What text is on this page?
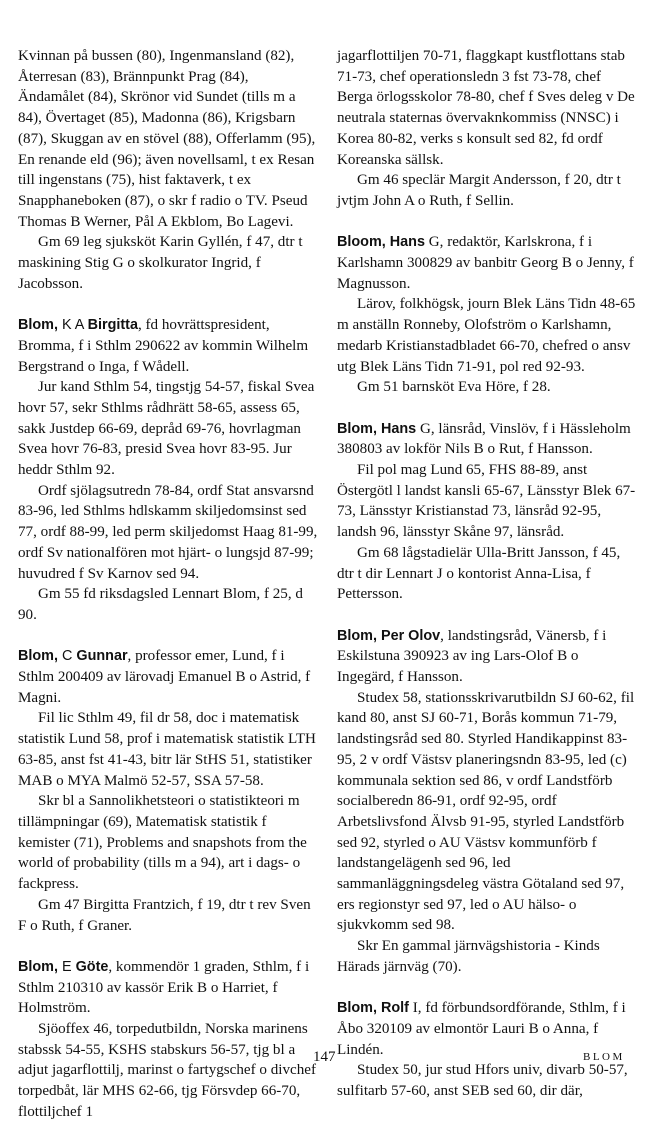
Kvinnan på bussen (80), Ingenmansland (82), Återresan (83), Brännpunkt Prag (84), Ändamålet (84), Skrönor vid Sundet (tills m a 84), Övertaget (85), Madonna (86), Krigsbarn (87), Skuggan av en stövel (88), Offerlamm (95), En renande eld (96); även novellsaml, t ex Resan till ingenstans (75), hist faktaverk, t ex Snapphaneboken (87), o skr f radio o TV. Pseud Thomas B Werner, Pål A Ekblom, Bo Lagevi.

Gm 69 leg sjuksköt Karin Gyllén, f 47, dtr t maskining Stig G o skolkurator Ingrid, f Jacobsson.

Blom, K A Birgitta, fd hovrättspresident, Bromma, f i Sthlm 290622 av kommin Wilhelm Bergstrand o Inga, f Wådell.

Jur kand Sthlm 54, tingstjg 54-57, fiskal Svea hovr 57, sekr Sthlms rådhrätt 58-65, assess 65, sakk Justdep 66-69, depråd 69-76, hovrlagman Svea hovr 76-83, presid Svea hovr 83-95. Jur heddr Sthlm 92.

Ordf sjölagsutredn 78-84, ordf Stat ansvarsnd 83-96, led Sthlms hdlskamm skiljedomsinst sed 77, ordf 88-99, led perm skiljedomst Haag 81-99, ordf Sv nationalfören mot hjärt- o lungsjd 87-99; huvudred f Sv Karnov sed 94.

Gm 55 fd riksdagsled Lennart Blom, f 25, d 90.

Blom, C Gunnar, professor emer, Lund, f i Sthlm 200409 av lärovadj Emanuel B o Astrid, f Magni.

Fil lic Sthlm 49, fil dr 58, doc i matematisk statistik Lund 58, prof i matematisk statistik LTH 63-85, anst fst 41-43, bitr lär StHS 51, statistiker MAB o MYA Malmö 52-57, SSA 57-58.

Skr bl a Sannolikhetsteori o statistikteori m tillämpningar (69), Matematisk statistik f kemister (71), Problems and snapshots from the world of probability (tills m a 94), art i dags- o fackpress.

Gm 47 Birgitta Frantzich, f 19, dtr t rev Sven F o Ruth, f Graner.

Blom, E Göte, kommendör 1 graden, Sthlm, f i Sthlm 210310 av kassör Erik B o Harriet, f Holmström.

Sjöoffex 46, torpedutbildn, Norska marinens stabssk 54-55, KSHS stabskurs 56-57, tjg bl a adjut jagarflottilj, marinst o fartygschef o divchef torpedbåt, lär MHS 62-66, tjg Försvdep 66-70, flottiljchef 1

jagarflottiljen 70-71, flaggkapt kustflottans stab 71-73, chef operationsledn 3 fst 73-78, chef Berga örlogsskolor 78-80, chef f Sves deleg v De neutrala staternas övervaknkommiss (NNSC) i Korea 80-82, verks s konsult sed 82, fd ordf Koreanska sällsk.

Gm 46 speclär Margit Andersson, f 20, dtr t jvtjm John A o Ruth, f Sellin.

Bloom, Hans G, redaktör, Karlskrona, f i Karlshamn 300829 av banbitr Georg B o Jenny, f Magnusson.

Lärov, folkhögsk, journ Blek Läns Tidn 48-65 m anställn Ronneby, Olofström o Karlshamn, medarb Kristianstadbladet 66-70, chefred o ansv utg Blek Läns Tidn 71-91, pol red 92-93.

Gm 51 barnsköt Eva Höre, f 28.

Blom, Hans G, länsråd, Vinslöv, f i Hässleholm 380803 av lokför Nils B o Rut, f Hansson.

Fil pol mag Lund 65, FHS 88-89, anst Östergötl l landst kansli 65-67, Länsstyr Blek 67-73, Länsstyr Kristianstad 73, länsråd 92-95, landsh 96, länsstyr Skåne 97, länsråd.

Gm 68 lågstadielär Ulla-Britt Jansson, f 45, dtr t dir Lennart J o kontorist Anna-Lisa, f Pettersson.

Blom, Per Olov, landstingsråd, Vänersb, f i Eskilstuna 390923 av ing Lars-Olof B o Ingegärd, f Hansson.

Studex 58, stationsskrivarutbildn SJ 60-62, fil kand 80, anst SJ 60-71, Borås kommun 71-79, landstingsråd sed 80. Styrled Handikappinst 83-95, 2 v ordf Västsv planeringsndn 83-95, led (c) kommunala sektion sed 86, v ordf Landstförb socialberedn 86-91, ordf 92-95, ordf Arbetslivsfond Älvsb 91-95, styrled Landstförb sed 92, styrled o AU Västsv kommunförb f landstangelägenh sed 96, led sammanläggningsdeleg västra Götaland sed 97, ers regionstyr sed 97, led o AU hälso- o sjukvkomm sed 98.

Skr En gammal järnvägshistoria - Kinds Härads järnväg (70).

Blom, Rolf I, fd förbundsordförande, Sthlm, f i Åbo 320109 av elmontör Lauri B o Anna, f Lindén.

Studex 50, jur stud Hfors univ, divarb 50-57, sulfitarb 57-60, anst SEB sed 60, dir där,

147	BLOM
